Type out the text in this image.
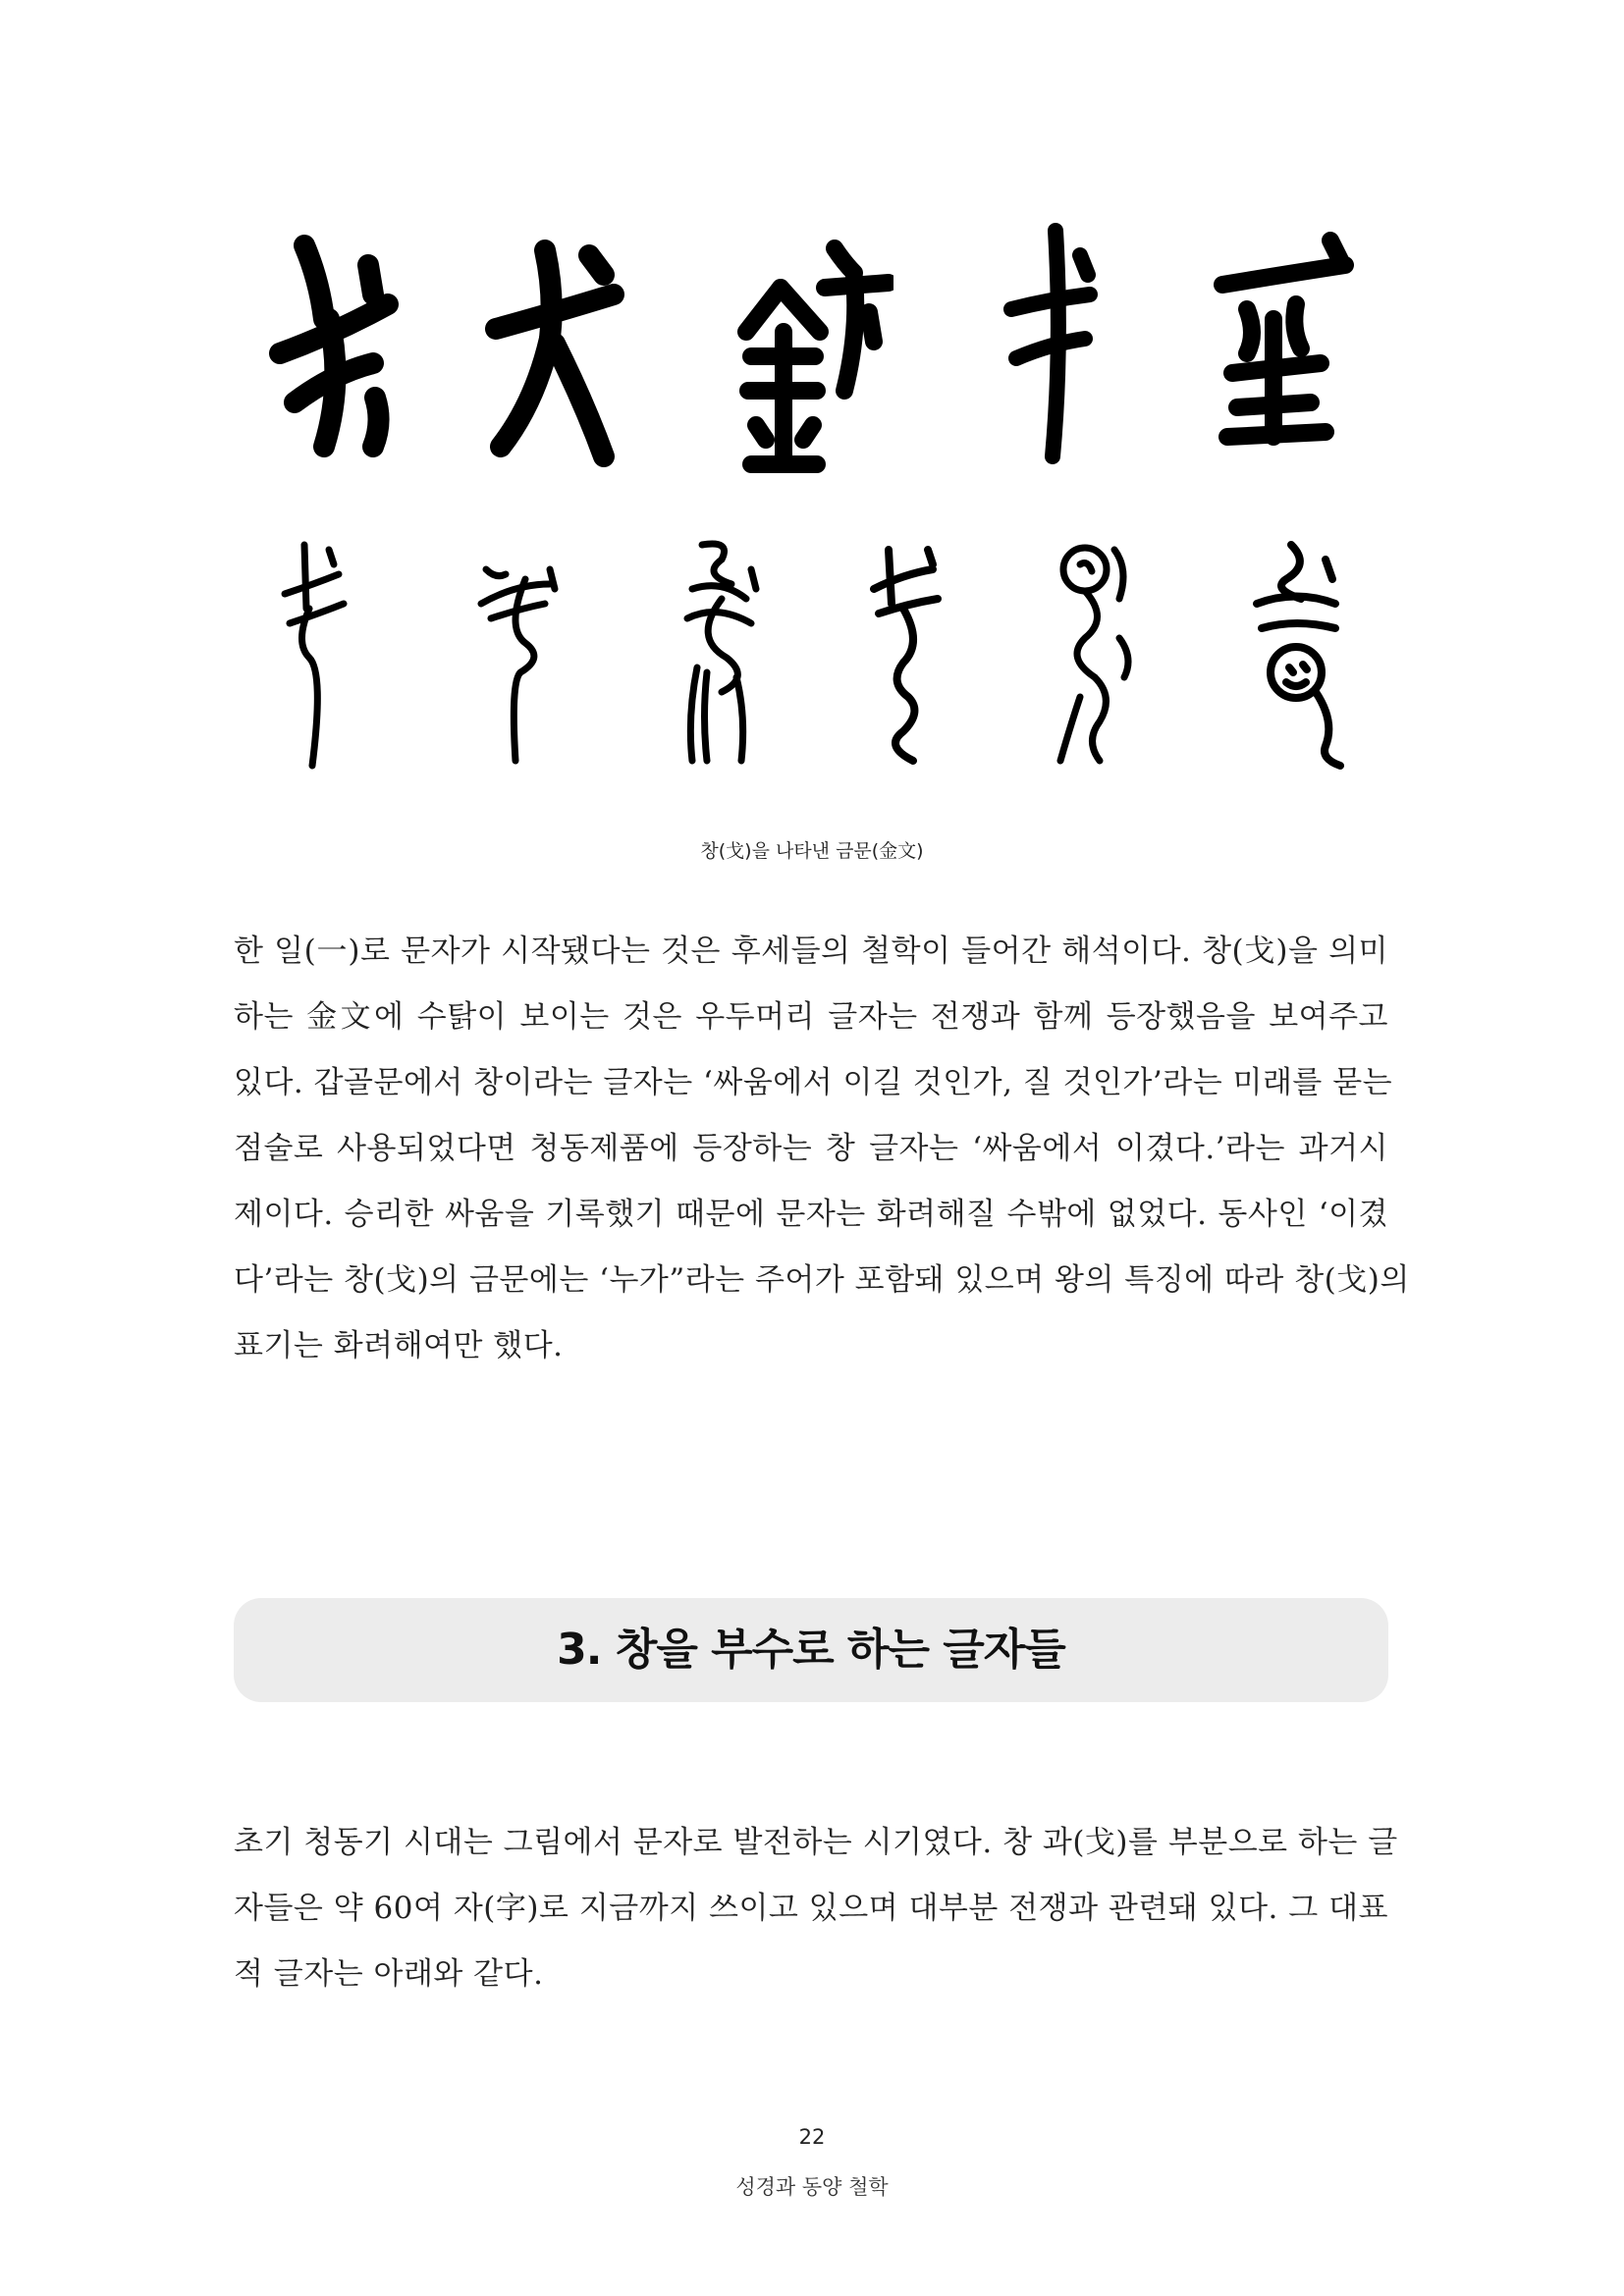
창(戈)을 나타낸 금문(金文)
한 일(一)로 문자가 시작됐다는 것은 후세들의 철학이 들어간 해석이다. 창(戈)을 의미
하는 金文에 수탉이 보이는 것은 우두머리 글자는 전쟁과 함께 등장했음을 보여주고
있다. 갑골문에서 창이라는 글자는 ‘싸움에서 이길 것인가, 질 것인가’라는 미래를 묻는
점술로 사용되었다면 청동제품에 등장하는 창 글자는 ‘싸움에서 이겼다.’라는 과거시
제이다. 승리한 싸움을 기록했기 때문에 문자는 화려해질 수밖에 없었다. 동사인 ‘이겼
다’라는 창(戈)의 금문에는 ‘누가”라는 주어가 포함돼 있으며 왕의 특징에 따라 창(戈)의
표기는 화려해여만 했다.
3. 창을 부수로 하는 글자들
초기 청동기 시대는 그림에서 문자로 발전하는 시기였다. 창 과(戈)를 부분으로 하는 글
자들은 약 60여 자(字)로 지금까지 쓰이고 있으며 대부분 전쟁과 관련돼 있다. 그 대표
적 글자는 아래와 같다.
22
성경과 동양 철학
